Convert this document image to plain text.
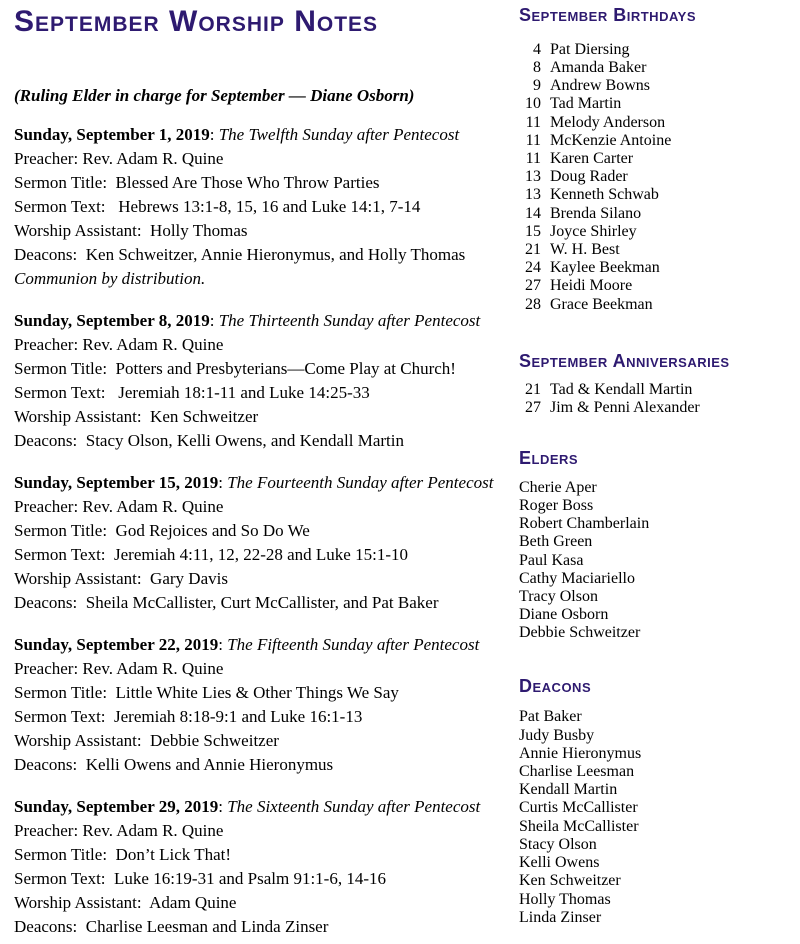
September Worship Notes
(Ruling Elder in charge for September — Diane Osborn)
Sunday, September 1, 2019: The Twelfth Sunday after Pentecost
Preacher: Rev. Adam R. Quine
Sermon Title:  Blessed Are Those Who Throw Parties
Sermon Text:   Hebrews 13:1-8, 15, 16 and Luke 14:1, 7-14
Worship Assistant:  Holly Thomas
Deacons:  Ken Schweitzer, Annie Hieronymus, and Holly Thomas
Communion by distribution.
Sunday, September 8, 2019: The Thirteenth Sunday after Pentecost
Preacher: Rev. Adam R. Quine
Sermon Title:  Potters and Presbyterians—Come Play at Church!
Sermon Text:   Jeremiah 18:1-11 and Luke 14:25-33
Worship Assistant:  Ken Schweitzer
Deacons:  Stacy Olson, Kelli Owens, and Kendall Martin
Sunday, September 15, 2019: The Fourteenth Sunday after Pentecost
Preacher: Rev. Adam R. Quine
Sermon Title:  God Rejoices and So Do We
Sermon Text:  Jeremiah 4:11, 12, 22-28 and Luke 15:1-10
Worship Assistant:  Gary Davis
Deacons:  Sheila McCallister, Curt McCallister, and Pat Baker
Sunday, September 22, 2019: The Fifteenth Sunday after Pentecost
Preacher: Rev. Adam R. Quine
Sermon Title:  Little White Lies & Other Things We Say
Sermon Text:  Jeremiah 8:18-9:1 and Luke 16:1-13
Worship Assistant:  Debbie Schweitzer
Deacons:  Kelli Owens and Annie Hieronymus
Sunday, September 29, 2019: The Sixteenth Sunday after Pentecost
Preacher: Rev. Adam R. Quine
Sermon Title:  Don’t Lick That!
Sermon Text:  Luke 16:19-31 and Psalm 91:1-6, 14-16
Worship Assistant:  Adam Quine
Deacons:  Charlise Leesman and Linda Zinser
September Birthdays
4 Pat Diersing
8 Amanda Baker
9 Andrew Bowns
10 Tad Martin
11 Melody Anderson
11 McKenzie Antoine
11 Karen Carter
13 Doug Rader
13 Kenneth Schwab
14 Brenda Silano
15 Joyce Shirley
21 W. H. Best
24 Kaylee Beekman
27 Heidi Moore
28 Grace Beekman
September Anniversaries
21 Tad & Kendall Martin
27 Jim & Penni Alexander
Elders
Cherie Aper
Roger Boss
Robert Chamberlain
Beth Green
Paul Kasa
Cathy Maciariello
Tracy Olson
Diane Osborn
Debbie Schweitzer
Deacons
Pat Baker
Judy Busby
Annie Hieronymus
Charlise Leesman
Kendall Martin
Curtis McCallister
Sheila McCallister
Stacy Olson
Kelli Owens
Ken Schweitzer
Holly Thomas
Linda Zinser
